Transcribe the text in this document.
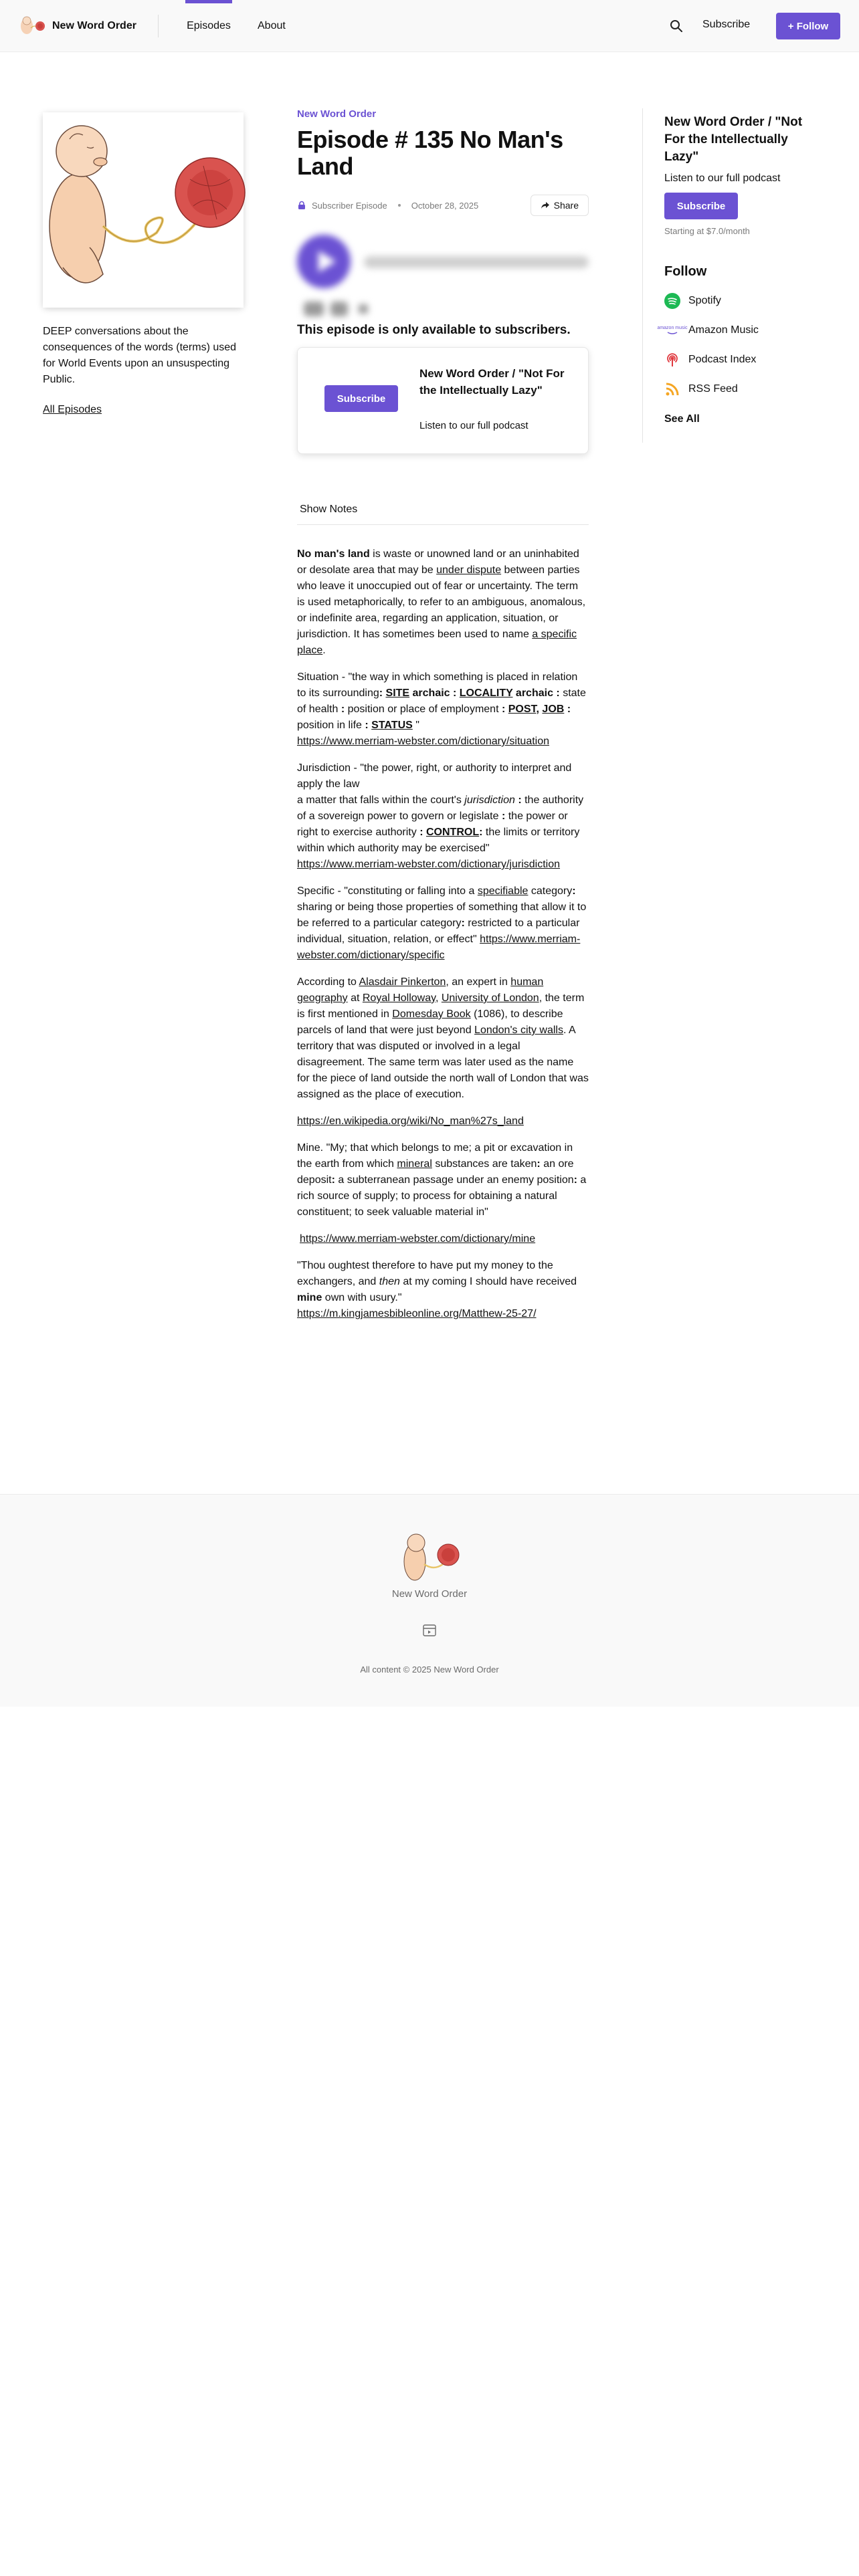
New Word Order	Episodes	About	Subscribe	+ Follow
DEEP conversations about the consequences of the words (terms) used for World Events upon an unsuspecting Public.
All Episodes
New Word Order
Episode # 135 No Man's Land
Subscriber Episode	October 28, 2025	Share
This episode is only available to subscribers.
Subscribe
New Word Order / "Not For the Intellectually Lazy"
Listen to our full podcast
Show Notes

No man's land is waste or unowned land or an uninhabited or desolate area that may be under dispute between parties who leave it unoccupied out of fear or uncertainty. The term is used metaphorically, to refer to an ambiguous, anomalous, or indefinite area, regarding an application, situation, or jurisdiction. It has sometimes been used to name a specific place.

Situation - "the way in which something is placed in relation to its surrounding: SITE archaic : LOCALITY archaic : state of health : position or place of employment : POST, JOB : position in life : STATUS "
https://www.merriam-webster.com/dictionary/situation

Jurisdiction - "the power, right, or authority to interpret and apply the law
a matter that falls within the court's jurisdiction : the authority of a sovereign power to govern or legislate : the power or right to exercise authority : CONTROL: the limits or territory within which authority may be exercised"
https://www.merriam-webster.com/dictionary/jurisdiction

Specific - "constituting or falling into a specifiable category: sharing or being those properties of something that allow it to be referred to a particular category: restricted to a particular individual, situation, relation, or effect" https://www.merriam-webster.com/dictionary/specific

According to Alasdair Pinkerton, an expert in human geography at Royal Holloway, University of London, the term is first mentioned in Domesday Book (1086), to describe parcels of land that were just beyond London's city walls. A territory that was disputed or involved in a legal disagreement. The same term was later used as the name for the piece of land outside the north wall of London that was assigned as the place of execution.

https://en.wikipedia.org/wiki/No_man%27s_land

Mine. "My; that which belongs to me; a pit or excavation in the earth from which mineral substances are taken: an ore deposit: a subterranean passage under an enemy position: a rich source of supply; to process for obtaining a natural constituent; to seek valuable material in"

https://www.merriam-webster.com/dictionary/mine

"Thou oughtest therefore to have put my money to the exchangers, and then at my coming I should have received mine own with usury."
https://m.kingjamesbibleonline.org/Matthew-25-27/

New Word Order / "Not For the Intellectually Lazy"
Listen to our full podcast
Subscribe
Starting at $7.0/month
Follow
Spotify
amazon music Amazon Music
Podcast Index
RSS Feed
See All
New Word Order
All content © 2025 New Word Order
